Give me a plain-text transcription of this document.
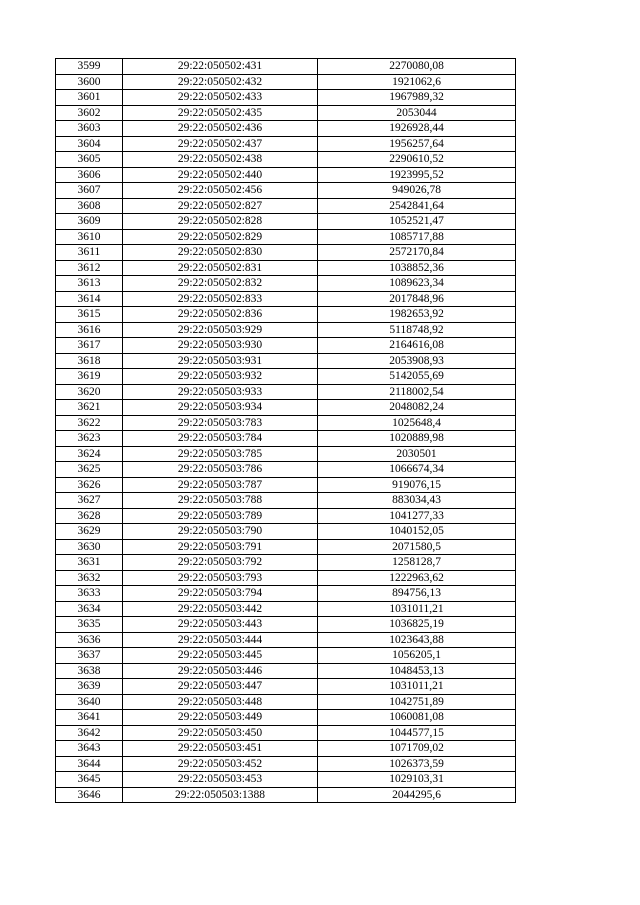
3599	29:22:050502:431	2270080,08
3600	29:22:050502:432	1921062,6
3601	29:22:050502:433	1967989,32
3602	29:22:050502:435	2053044
3603	29:22:050502:436	1926928,44
3604	29:22:050502:437	1956257,64
3605	29:22:050502:438	2290610,52
3606	29:22:050502:440	1923995,52
3607	29:22:050502:456	949026,78
3608	29:22:050502:827	2542841,64
3609	29:22:050502:828	1052521,47
3610	29:22:050502:829	1085717,88
3611	29:22:050502:830	2572170,84
3612	29:22:050502:831	1038852,36
3613	29:22:050502:832	1089623,34
3614	29:22:050502:833	2017848,96
3615	29:22:050502:836	1982653,92
3616	29:22:050503:929	5118748,92
3617	29:22:050503:930	2164616,08
3618	29:22:050503:931	2053908,93
3619	29:22:050503:932	5142055,69
3620	29:22:050503:933	2118002,54
3621	29:22:050503:934	2048082,24
3622	29:22:050503:783	1025648,4
3623	29:22:050503:784	1020889,98
3624	29:22:050503:785	2030501
3625	29:22:050503:786	1066674,34
3626	29:22:050503:787	919076,15
3627	29:22:050503:788	883034,43
3628	29:22:050503:789	1041277,33
3629	29:22:050503:790	1040152,05
3630	29:22:050503:791	2071580,5
3631	29:22:050503:792	1258128,7
3632	29:22:050503:793	1222963,62
3633	29:22:050503:794	894756,13
3634	29:22:050503:442	1031011,21
3635	29:22:050503:443	1036825,19
3636	29:22:050503:444	1023643,88
3637	29:22:050503:445	1056205,1
3638	29:22:050503:446	1048453,13
3639	29:22:050503:447	1031011,21
3640	29:22:050503:448	1042751,89
3641	29:22:050503:449	1060081,08
3642	29:22:050503:450	1044577,15
3643	29:22:050503:451	1071709,02
3644	29:22:050503:452	1026373,59
3645	29:22:050503:453	1029103,31
3646	29:22:050503:1388	2044295,6
